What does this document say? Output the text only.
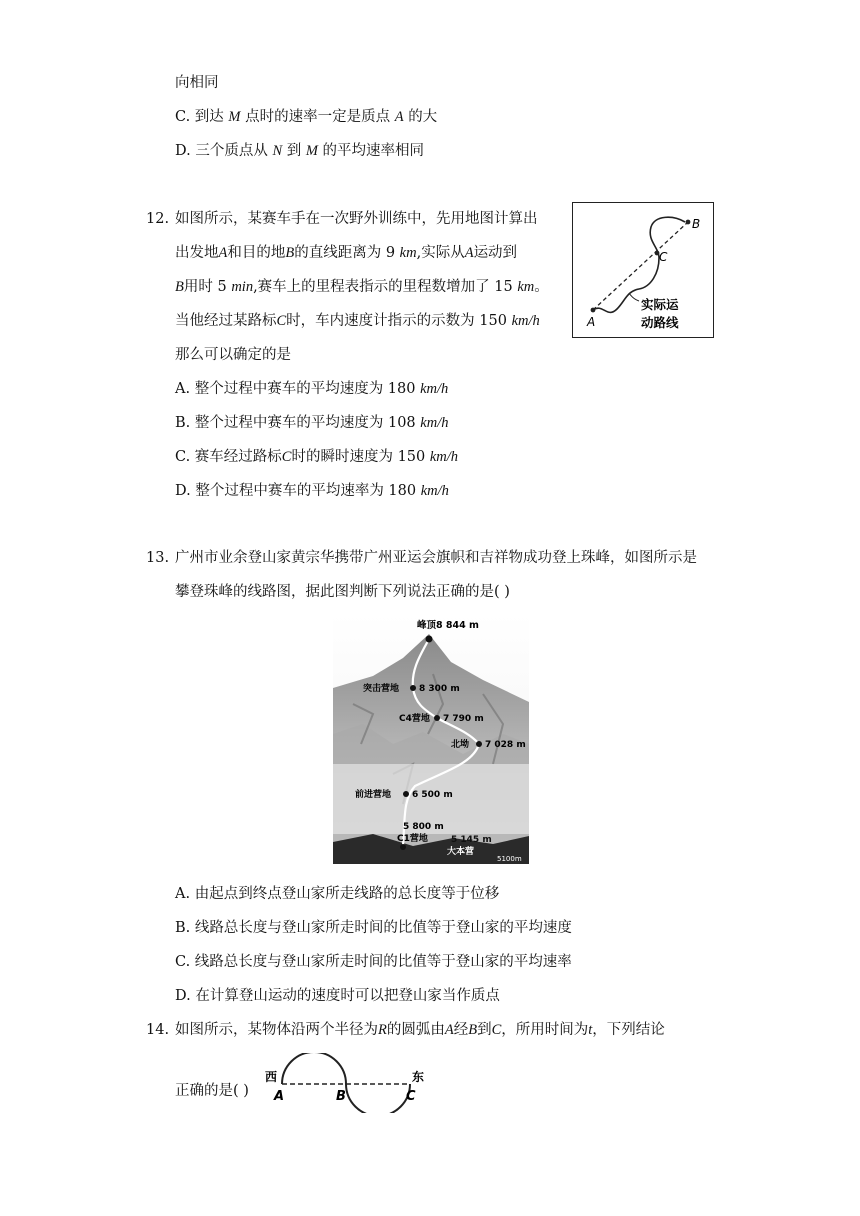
向相同
C. 到达 M 点时的速率一定是质点 A 的大
D. 三个质点从 N 到 M 的平均速率相同
12. 如图所示，某赛车手在一次野外训练中，先用地图计算出
出发地A和目的地B的直线距离为 9 km,实际从A运动到
B用时 5 min,赛车上的里程表指示的里程数增加了 15 km。
当他经过某路标C时，车内速度计指示的示数为 150 km/h
那么可以确定的是
A. 整个过程中赛车的平均速度为 180 km/h
B. 整个过程中赛车的平均速度为 108 km/h
C. 赛车经过路标C时的瞬时速度为 150 km/h
D. 整个过程中赛车的平均速率为 180 km/h
A
B
C
实际运
动路线
13. 广州市业余登山家黄宗华携带广州亚运会旗帜和吉祥物成功登上珠峰，如图所示是
攀登珠峰的线路图，据此图判断下列说法正确的是( )
峰顶8 844 m
突击营地 8 300 m
C4营地 7 790 m
北坳 7 028 m
前进营地 6 500 m
5 800 m
C1营地	5 145 m
大本营
5100m
A. 由起点到终点登山家所走线路的总长度等于位移
B. 线路总长度与登山家所走时间的比值等于登山家的平均速度
C. 线路总长度与登山家所走时间的比值等于登山家的平均速率
D. 在计算登山运动的速度时可以把登山家当作质点
14. 如图所示，某物体沿两个半径为R的圆弧由A经B到C，所用时间为t，下列结论
正确的是( )
西	东
A	B	C
